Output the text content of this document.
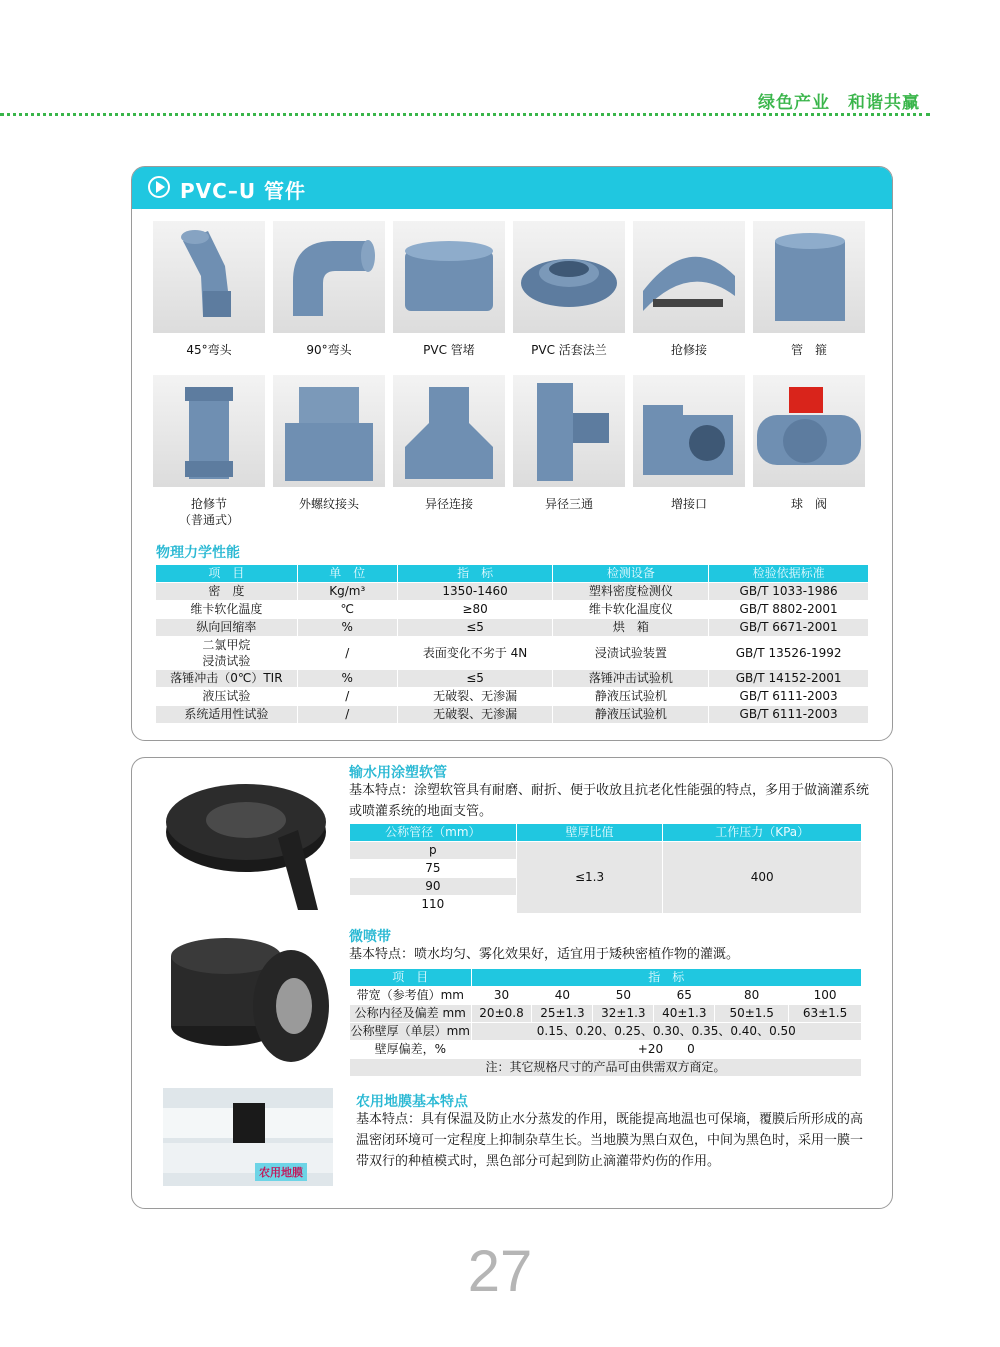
绿色产业　和谐共赢
PVC–U 管件
45°弯头	90°弯头	PVC 管堵	PVC 活套法兰	抢修接	管　箍
抢修节
（普通式）
外螺纹接头	异径连接	异径三通	增接口	球　阀
物理力学性能
项　目	单　位	指　标	检测设备	检验依据标准
密　度	Kg/m³	1350-1460	塑料密度检测仪	GB/T 1033-1986
维卡软化温度	℃	≥80	维卡软化温度仪	GB/T 8802-2001
纵向回缩率	%	≤5	烘　箱	GB/T 6671-2001
二氯甲烷
浸渍试验	/	表面变化不劣于 4N	浸渍试验装置	GB/T 13526-1992
落锤冲击（0℃）TIR	%	≤5	落锤冲击试验机	GB/T 14152-2001
液压试验	/	无破裂、无渗漏	静液压试验机	GB/T 6111-2003
系统适用性试验	/	无破裂、无渗漏	静液压试验机	GB/T 6111-2003
输水用涂塑软管
基本特点：涂塑软管具有耐磨、耐折、便于收放且抗老化性能强的特点，多用于做滴灌系统或喷灌系统的地面支管。
公称管径（mm）	壁厚比值	工作压力（KPa）
p	≤1.3	400
75		
90		
110		
微喷带
基本特点：喷水均匀、雾化效果好，适宜用于矮秧密植作物的灌溉。
项　目	指　标					
带宽（参考值）mm	30	40	50	65	80	100
公称内径及偏差 mm	20±0.8	25±1.3	32±1.3	40±1.3	50±1.5	63±1.5
公称壁厚（单层）mm	0.15、0.20、0.25、0.30、0.35、0.40、0.50					
壁厚偏差，%	+20　　0					
注：其它规格尺寸的产品可由供需双方商定。						
农用地膜
农用地膜基本特点
基本特点：具有保温及防止水分蒸发的作用，既能提高地温也可保墒，覆膜后所形成的高温密闭环境可一定程度上抑制杂草生长。当地膜为黑白双色，中间为黑色时，采用一膜一带双行的种植模式时，黑色部分可起到防止滴灌带灼伤的作用。
27
